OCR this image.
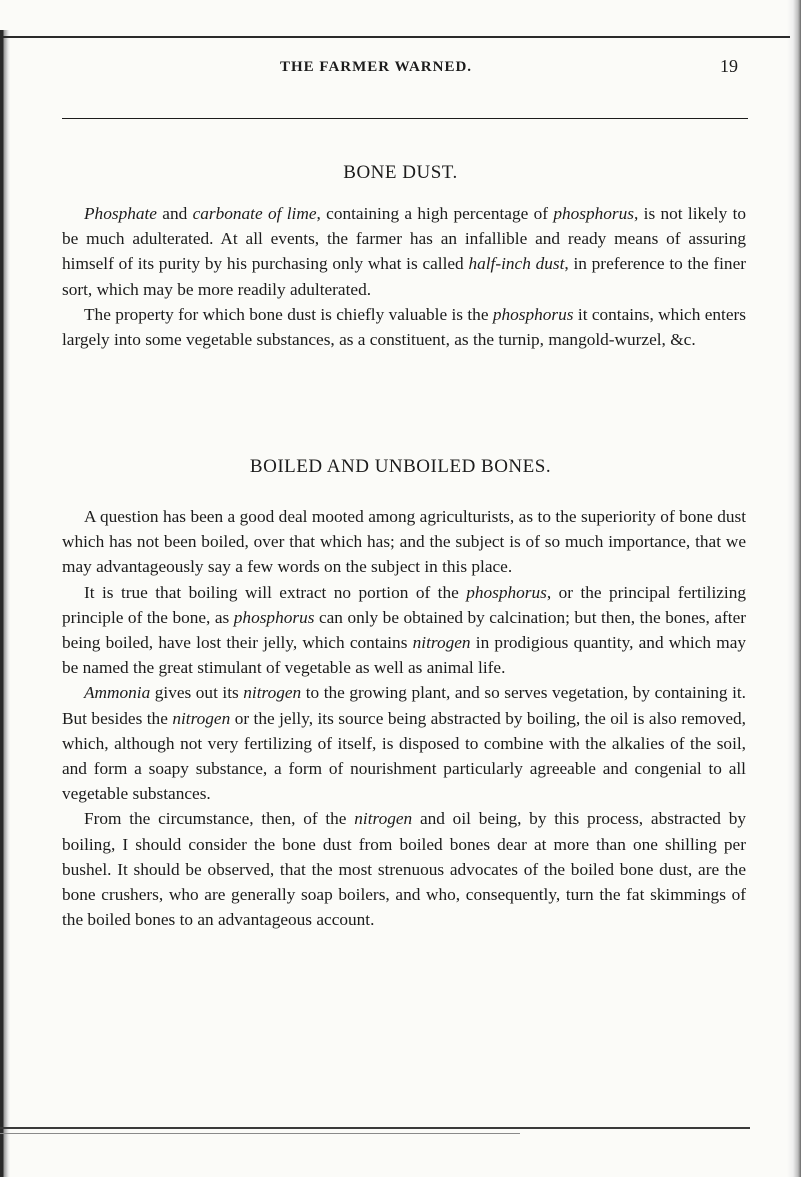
THE FARMER WARNED.	19
BONE DUST.

Phosphate and carbonate of lime, containing a high percentage of phosphorus, is not likely to be much adulterated. At all events, the farmer has an infallible and ready means of assuring himself of its purity by his purchasing only what is called half-inch dust, in preference to the finer sort, which may be more readily adulterated.

The property for which bone dust is chiefly valuable is the phosphorus it contains, which enters largely into some vegetable substances, as a constituent, as the turnip, mangold-wurzel, &c.

BOILED AND UNBOILED BONES.

A question has been a good deal mooted among agriculturists, as to the superiority of bone dust which has not been boiled, over that which has; and the subject is of so much importance, that we may advantageously say a few words on the subject in this place.

It is true that boiling will extract no portion of the phosphorus, or the principal fertilizing principle of the bone, as phosphorus can only be obtained by calcination; but then, the bones, after being boiled, have lost their jelly, which contains nitrogen in prodigious quantity, and which may be named the great stimulant of vegetable as well as animal life.

Ammonia gives out its nitrogen to the growing plant, and so serves vegetation, by containing it. But besides the nitrogen or the jelly, its source being abstracted by boiling, the oil is also removed, which, although not very fertilizing of itself, is disposed to combine with the alkalies of the soil, and form a soapy substance, a form of nourishment particularly agreeable and congenial to all vegetable substances.

From the circumstance, then, of the nitrogen and oil being, by this process, abstracted by boiling, I should consider the bone dust from boiled bones dear at more than one shilling per bushel. It should be observed, that the most strenuous advocates of the boiled bone dust, are the bone crushers, who are generally soap boilers, and who, consequently, turn the fat skimmings of the boiled bones to an advantageous account.
